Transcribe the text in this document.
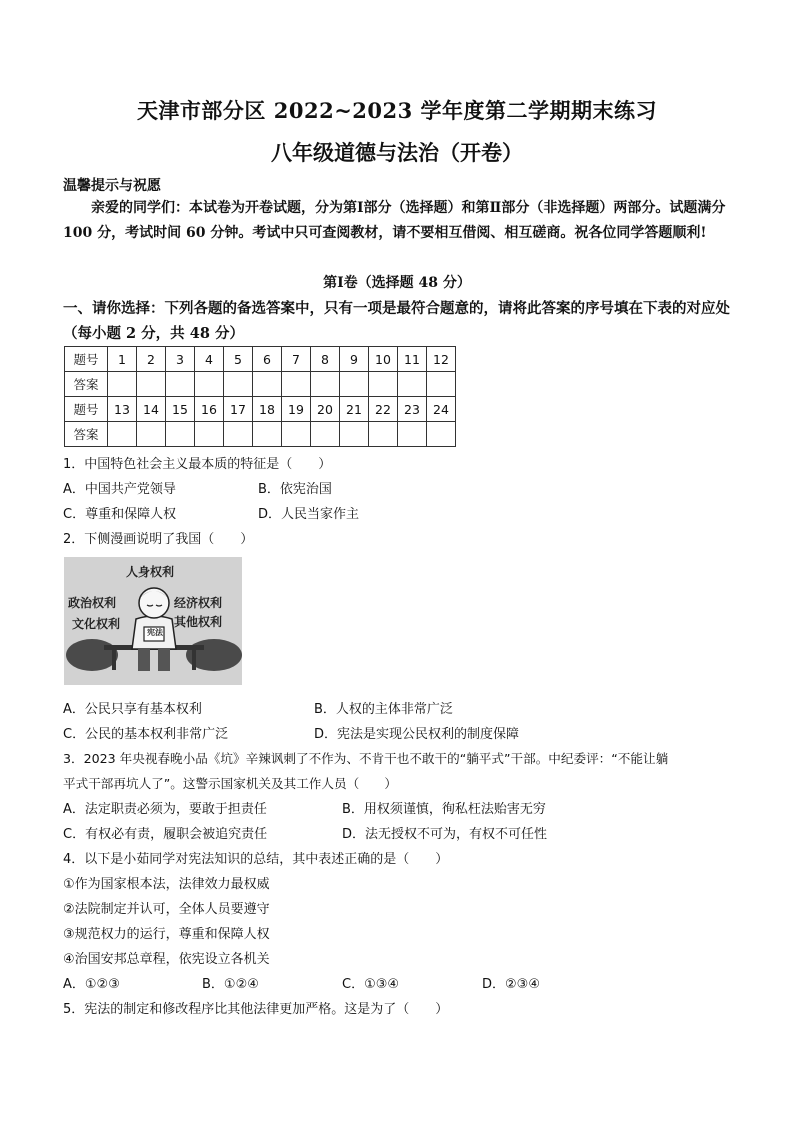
天津市部分区 2022~2023 学年度第二学期期末练习
八年级道德与法治（开卷）
温馨提示与祝愿
亲爱的同学们：本试卷为开卷试题，分为第Ⅰ部分（选择题）和第Ⅱ部分（非选择题）两部分。试题满分 100 分，考试时间 60 分钟。考试中只可查阅教材，请不要相互借阅、相互磋商。祝各位同学答题顺利!
第Ⅰ卷（选择题 48 分）
一、请你选择：下列各题的备选答案中，只有一项是最符合题意的，请将此答案的序号填在下表的对应处（每小题 2 分，共 48 分）
题号	1	2	3	4	5	6	7	8	9	10	11	12
答案												
题号	13	14	15	16	17	18	19	20	21	22	23	24
答案												
1．中国特色社会主义最本质的特征是（　　）
A．中国共产党领导	B．依宪治国
C．尊重和保障人权	D．人民当家作主
2．下侧漫画说明了我国（　　）
人身权利
政治权利
文化权利
经济权利
其他权利
宪法
A．公民只享有基本权利	B．人权的主体非常广泛
C．公民的基本权利非常广泛	D．宪法是实现公民权利的制度保障
3．2023 年央视春晚小品《坑》辛辣讽刺了不作为、不肯干也不敢干的“躺平式”干部。中纪委评：“不能让躺
平式干部再坑人了”。这警示国家机关及其工作人员（　　）
A．法定职责必须为，要敢于担责任	B．用权须谨慎，徇私枉法贻害无穷
C．有权必有责，履职会被追究责任	D．法无授权不可为，有权不可任性
4．以下是小茹同学对宪法知识的总结，其中表述正确的是（　　）
①作为国家根本法，法律效力最权威
②法院制定并认可，全体人员要遵守
③规范权力的运行，尊重和保障人权
④治国安邦总章程，依宪设立各机关
A．①②③	B．①②④	C．①③④	D．②③④
5．宪法的制定和修改程序比其他法律更加严格。这是为了（　　）
